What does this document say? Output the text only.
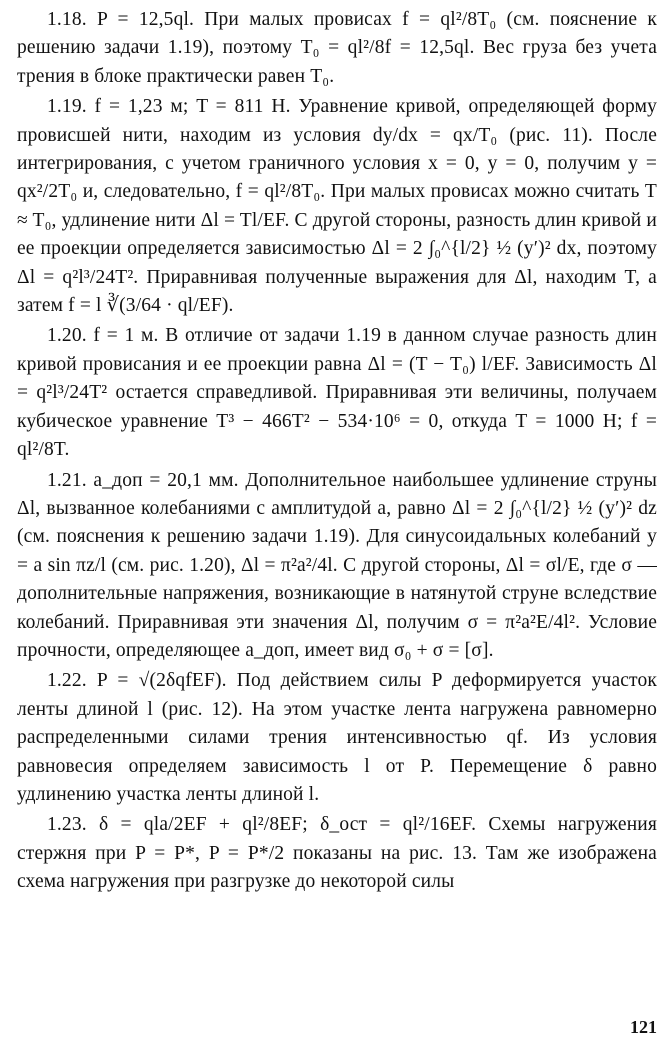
1.18. P = 12,5ql. При малых провисах f = ql²/8T₀ (см. пояснение к решению задачи 1.19), поэтому T₀ = ql²/8f = 12,5ql. Вес груза без учета трения в блоке практически равен T₀.

1.19. f = 1,23 м; T = 811 Н. Уравнение кривой, определяющей форму провисшей нити, находим из условия dy/dx = qx/T₀ (рис. 11). После интегрирования, с учетом граничного условия x = 0, y = 0, получим y = qx²/2T₀ и, следовательно, f = ql²/8T₀. При малых провисах можно считать T ≈ T₀, удлинение нити Δl = Tl/EF. С другой стороны, разность длин кривой и ее проекции определяется зависимостью Δl = 2 ∫₀^{l/2} ½ (y′)² dx, поэтому Δl = q²l³/24T². Приравнивая полученные выражения для Δl, находим T, а затем f = l ∛(3/64 · ql/EF).

1.20. f = 1 м. В отличие от задачи 1.19 в данном случае разность длин кривой провисания и ее проекции равна Δl = (T − T₀) l/EF. Зависимость Δl = q²l³/24T² остается справедливой. Приравнивая эти величины, получаем кубическое уравнение T³ − 466T² − 534·10⁶ = 0, откуда T = 1000 Н; f = ql²/8T.

1.21. a_доп = 20,1 мм. Дополнительное наибольшее удлинение струны Δl, вызванное колебаниями с амплитудой a, равно Δl = 2 ∫₀^{l/2} ½ (y′)² dz (см. пояснения к решению задачи 1.19). Для синусоидальных колебаний y = a sin πz/l (см. рис. 1.20), Δl = π²a²/4l. С другой стороны, Δl = σl/E, где σ — дополнительные напряжения, возникающие в натянутой струне вследствие колебаний. Приравнивая эти значения Δl, получим σ = π²a²E/4l². Условие прочности, определяющее a_доп, имеет вид σ₀ + σ = [σ].

1.22. P = √(2δqfEF). Под действием силы P деформируется участок ленты длиной l (рис. 12). На этом участке лента нагружена равномерно распределенными силами трения интенсивностью qf. Из условия равновесия определяем зависимость l от P. Перемещение δ равно удлинению участка ленты длиной l.

1.23. δ = qla/2EF + ql²/8EF; δ_ост = ql²/16EF. Схемы нагружения стержня при P = P*, P = P*/2 показаны на рис. 13. Там же изображена схема нагружения при разгрузке до некоторой силы

121
